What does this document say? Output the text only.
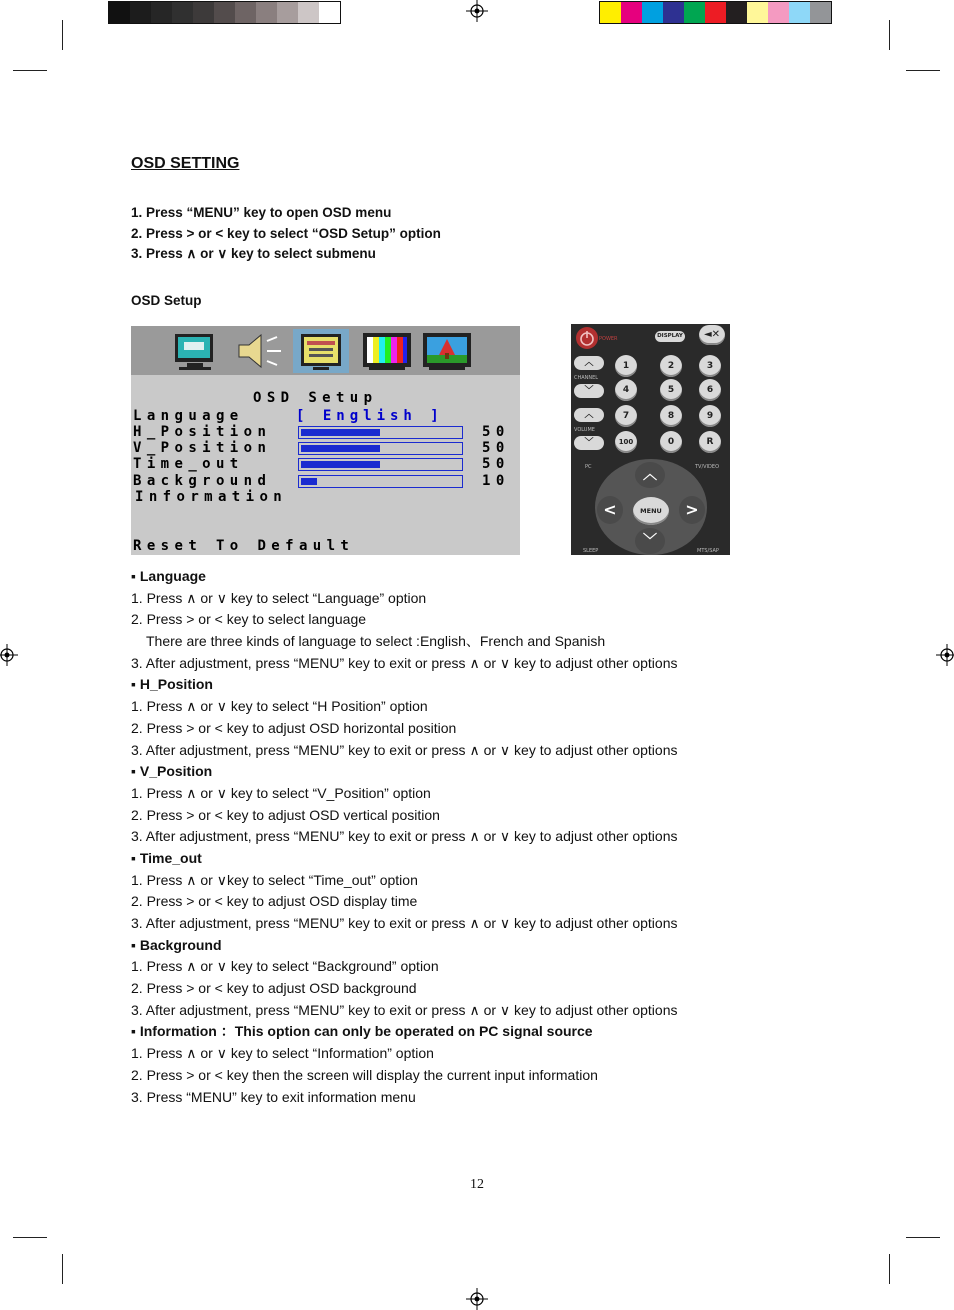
OSD SETTING
1. Press “MENU” key to open OSD menu
2. Press > or < key to select “OSD Setup” option
3. Press ∧ or ∨ key to select submenu
OSD Setup
OSD Setup
Language	[ English ]
H_Position	50
V_Position	50
Time_out	50
Background	10
Information
Reset To Default
POWER	DISPLAY	◄✕
︿
CHANNEL
﹀
︿
VOLUME
﹀
1	2	3
4	5	6
7	8	9
100	0	R
PC	TV/VIDEO
︿
﹀
<	>
MENU
SLEEP	MTS/SAP
▪ Language
1. Press ∧ or ∨ key to select “Language” option
2. Press > or < key to select language
There are three kinds of language to select :English、French and Spanish
3. After adjustment, press “MENU” key to exit or press ∧ or ∨ key to adjust other options
▪ H_Position
1. Press ∧ or ∨ key to select “H Position” option
2. Press > or < key to adjust OSD horizontal position
3. After adjustment, press “MENU” key to exit or press ∧ or ∨ key to adjust other options
▪ V_Position
1. Press ∧ or ∨ key to select “V_Position” option
2. Press > or < key to adjust OSD vertical position
3. After adjustment, press “MENU” key to exit or press ∧ or ∨ key to adjust other options
▪ Time_out
1. Press ∧ or ∨key to select “Time_out” option
2. Press > or < key to adjust OSD display time
3. After adjustment, press “MENU” key to exit or press ∧ or ∨ key to adjust other options
▪ Background
1. Press ∧ or ∨ key to select “Background” option
2. Press > or < key to adjust OSD background
3. After adjustment, press “MENU” key to exit or press ∧ or ∨ key to adjust other options
▪ Information ：This option can only be operated on PC signal source
1. Press ∧ or ∨ key to select “Information” option
2. Press > or < key then the screen will display the current input information
3. Press “MENU” key to exit information menu
12
